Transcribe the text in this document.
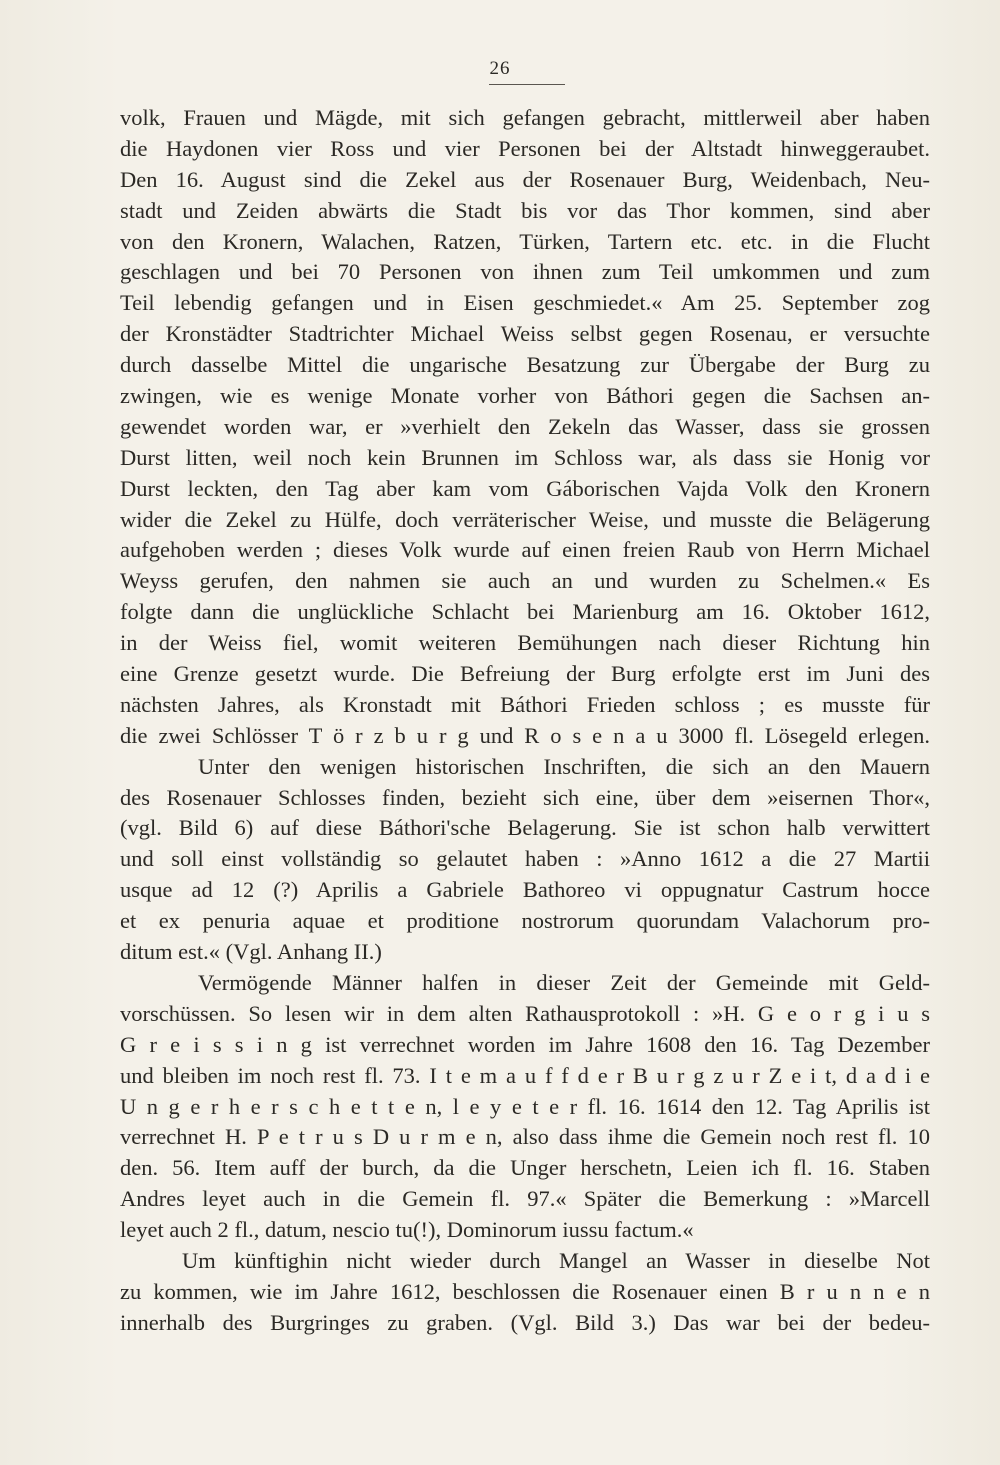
26
volk, Frauen und Mägde, mit sich gefangen gebracht, mittlerweil aber haben
die Haydonen vier Ross und vier Personen bei der Altstadt hinweggeraubet.
Den 16. August sind die Zekel aus der Rosenauer Burg, Weidenbach, Neu-
stadt und Zeiden abwärts die Stadt bis vor das Thor kommen, sind aber
von den Kronern, Walachen, Ratzen, Türken, Tartern etc. etc. in die Flucht
geschlagen und bei 70 Personen von ihnen zum Teil umkommen und zum
Teil lebendig gefangen und in Eisen geschmiedet.« Am 25. September zog
der Kronstädter Stadtrichter Michael Weiss selbst gegen Rosenau, er versuchte
durch dasselbe Mittel die ungarische Besatzung zur Übergabe der Burg zu
zwingen, wie es wenige Monate vorher von Báthori gegen die Sachsen an-
gewendet worden war, er »verhielt den Zekeln das Wasser, dass sie grossen
Durst litten, weil noch kein Brunnen im Schloss war, als dass sie Honig vor
Durst leckten, den Tag aber kam vom Gáborischen Vajda Volk den Kronern
wider die Zekel zu Hülfe, doch verräterischer Weise, und musste die Belägerung
aufgehoben werden ; dieses Volk wurde auf einen freien Raub von Herrn Michael
Weyss gerufen, den nahmen sie auch an und wurden zu Schelmen.« Es
folgte dann die unglückliche Schlacht bei Marienburg am 16. Oktober 1612,
in der Weiss fiel, womit weiteren Bemühungen nach dieser Richtung hin
eine Grenze gesetzt wurde. Die Befreiung der Burg erfolgte erst im Juni des
nächsten Jahres, als Kronstadt mit Báthori Frieden schloss ; es musste für
die zwei Schlösser T ö r z b u r g und R o s e n a u 3000 fl. Lösegeld erlegen.
Unter den wenigen historischen Inschriften, die sich an den Mauern
des Rosenauer Schlosses finden, bezieht sich eine, über dem »eisernen Thor«,
(vgl. Bild 6) auf diese Báthori'sche Belagerung. Sie ist schon halb verwittert
und soll einst vollständig so gelautet haben : »Anno 1612 a die 27 Martii
usque ad 12 (?) Aprilis a Gabriele Bathoreo vi oppugnatur Castrum hocce
et ex penuria aquae et proditione nostrorum quorundam Valachorum pro-
ditum est.« (Vgl. Anhang II.)
Vermögende Männer halfen in dieser Zeit der Gemeinde mit Geld-
vorschüssen. So lesen wir in dem alten Rathausprotokoll : »H. G e o r g i u s
G r e i s s i n g ist verrechnet worden im Jahre 1608 den 16. Tag Dezember
und bleiben im noch rest fl. 73. I t e m a u f f d e r B u r g z u r Z e i t, d a d i e
U n g e r h e r s c h e t t e n, l e y e t e r fl. 16. 1614 den 12. Tag Aprilis ist
verrechnet H. P e t r u s D u r m e n, also dass ihme die Gemein noch rest fl. 10
den. 56. Item auff der burch, da die Unger herschetn, Leien ich fl. 16. Staben
Andres leyet auch in die Gemein fl. 97.« Später die Bemerkung : »Marcell
leyet auch 2 fl., datum, nescio tu(!), Dominorum iussu factum.«
Um künftighin nicht wieder durch Mangel an Wasser in dieselbe Not
zu kommen, wie im Jahre 1612, beschlossen die Rosenauer einen B r u n n e n
innerhalb des Burgringes zu graben. (Vgl. Bild 3.) Das war bei der bedeu-
